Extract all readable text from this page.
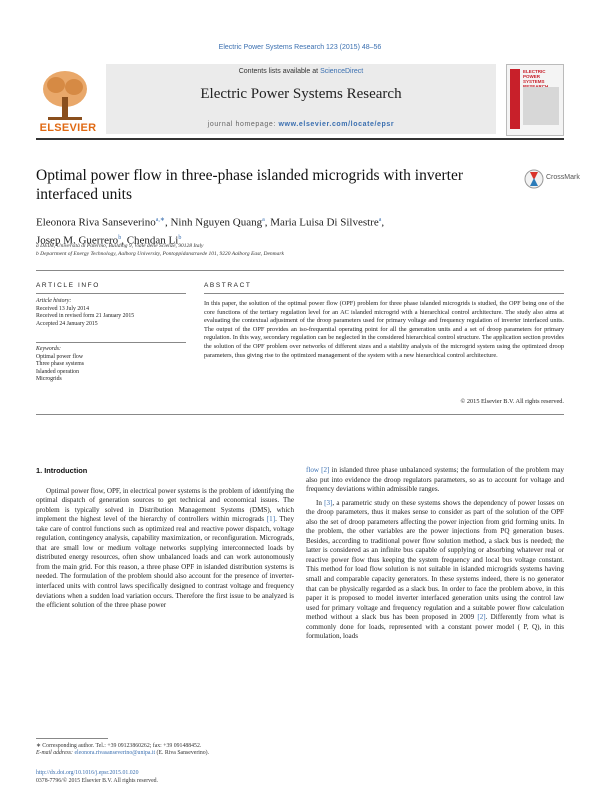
Electric Power Systems Research 123 (2015) 48–56
ELSEVIER
Contents lists available at ScienceDirect
Electric Power Systems Research
journal homepage: www.elsevier.com/locate/epsr
ELECTRIC POWER SYSTEMS
Optimal power flow in three-phase islanded microgrids with inverter interfaced units
CrossMark
Eleonora Riva Sanseverino$^{a,∗}$, Ninh Nguyen Quang$^a$, Maria Luisa Di Silvestre$^a$,
Josep M. Guerrero$^b$, Chendan Li$^b$
a DEIM, Università di Palermo, Building 9, Viale delle Scienze, 90128 Italy
b Department of Energy Technology, Aalborg University, Pontoppidanstraede 101, 9220 Aalborg East, Denmark
ARTICLE INFO	ABSTRACT
Article history:
Received 13 July 2014
Received in revised form 21 January 2015
Accepted 24 January 2015
Keywords:
Optimal power flow
Three phase systems
Islanded operation
Microgrids
In this paper, the solution of the optimal power flow (OPF) problem for three phase islanded microgrids is studied, the OPF being one of the core functions of the tertiary regulation level for an AC islanded microgrid with a hierarchical control architecture. The study also aims at evaluating the contextual adjustment of the droop parameters used for primary voltage and frequency regulation of inverter interfaced units. The output of the OPF provides an iso-frequential operating point for all the generation units and a set of droop parameters for primary regulation. In this way, secondary regulation can be neglected in the considered hierarchical control structure. The application section provides the solution of the OPF problem over networks of different sizes and a stability analysis of the microgrid system using the optimized droop parameters, thus giving rise to the optimized management of the system with a new hierarchical control architecture.
© 2015 Elsevier B.V. All rights reserved.
1. Introduction

Optimal power flow, OPF, in electrical power systems is the problem of identifying the optimal dispatch of generation sources to get technical and economical issues. The problem is typically solved in Distribution Management Systems (DMS), which implement the highest level of the hierarchy of controllers within micrograds [1]. They take care of control functions such as optimized real and reactive power dispatch, voltage regulation, contingency analysis, capability maximization, or reconfiguration. Micrograds, that are small low or medium voltage networks supplying interconnected loads by distributed energy resources, often show unbalanced loads and can work autonomously from the main grid. For this reason, a three phase OPF in islanded distribution systems is needed. The formulation of the problem should also account for the presence of inverter-interfaced units with control laws specifically designed to contrast voltage and frequency deviations when a sudden load variation occurs. Therefore the first issue to be analyzed is the efficient solution of the three phase power

flow [2] in islanded three phase unbalanced systems; the formulation of the problem may also put into evidence the droop regulators parameters, so as to account for voltage and frequency deviations within admissible ranges.

In [3], a parametric study on these systems shows the dependency of power losses on the droop parameters, thus it makes sense to consider as part of the solution of the OPF also the set of droop parameters affecting the power injection from grid forming units. In the problem, the other variables are the power injections from PQ generation buses. Besides, according to traditional power flow solution method, a slack bus is needed; the latter is considered as an infinite bus capable of supplying or absorbing whatever real or reactive power flow thus keeping the system frequency and local bus voltage constant. This method for load flow solution is not suitable in islanded microgrids systems having small and comparable capacity generators. In these systems indeed, there is no generator that can be physically regarded as a slack bus. In order to face the problem above, in this paper it is proposed to model inverter interfaced generation units using the control law used for primary voltage and frequency regulation and a suitable power flow calculation method without a slack bus has been proposed in 2009 [2]. Differently from what is commonly done for loads, represented with a constant power model ( P, Q), in this formulation, loads

∗ Corresponding author. Tel.: +39 09123860262; fax: +39 091488452.
E-mail address: eleonora.rivasanseverino@unipa.it (E. Riva Sanseverino).
http://dx.doi.org/10.1016/j.epsr.2015.01.020
0378-7796/© 2015 Elsevier B.V. All rights reserved.
